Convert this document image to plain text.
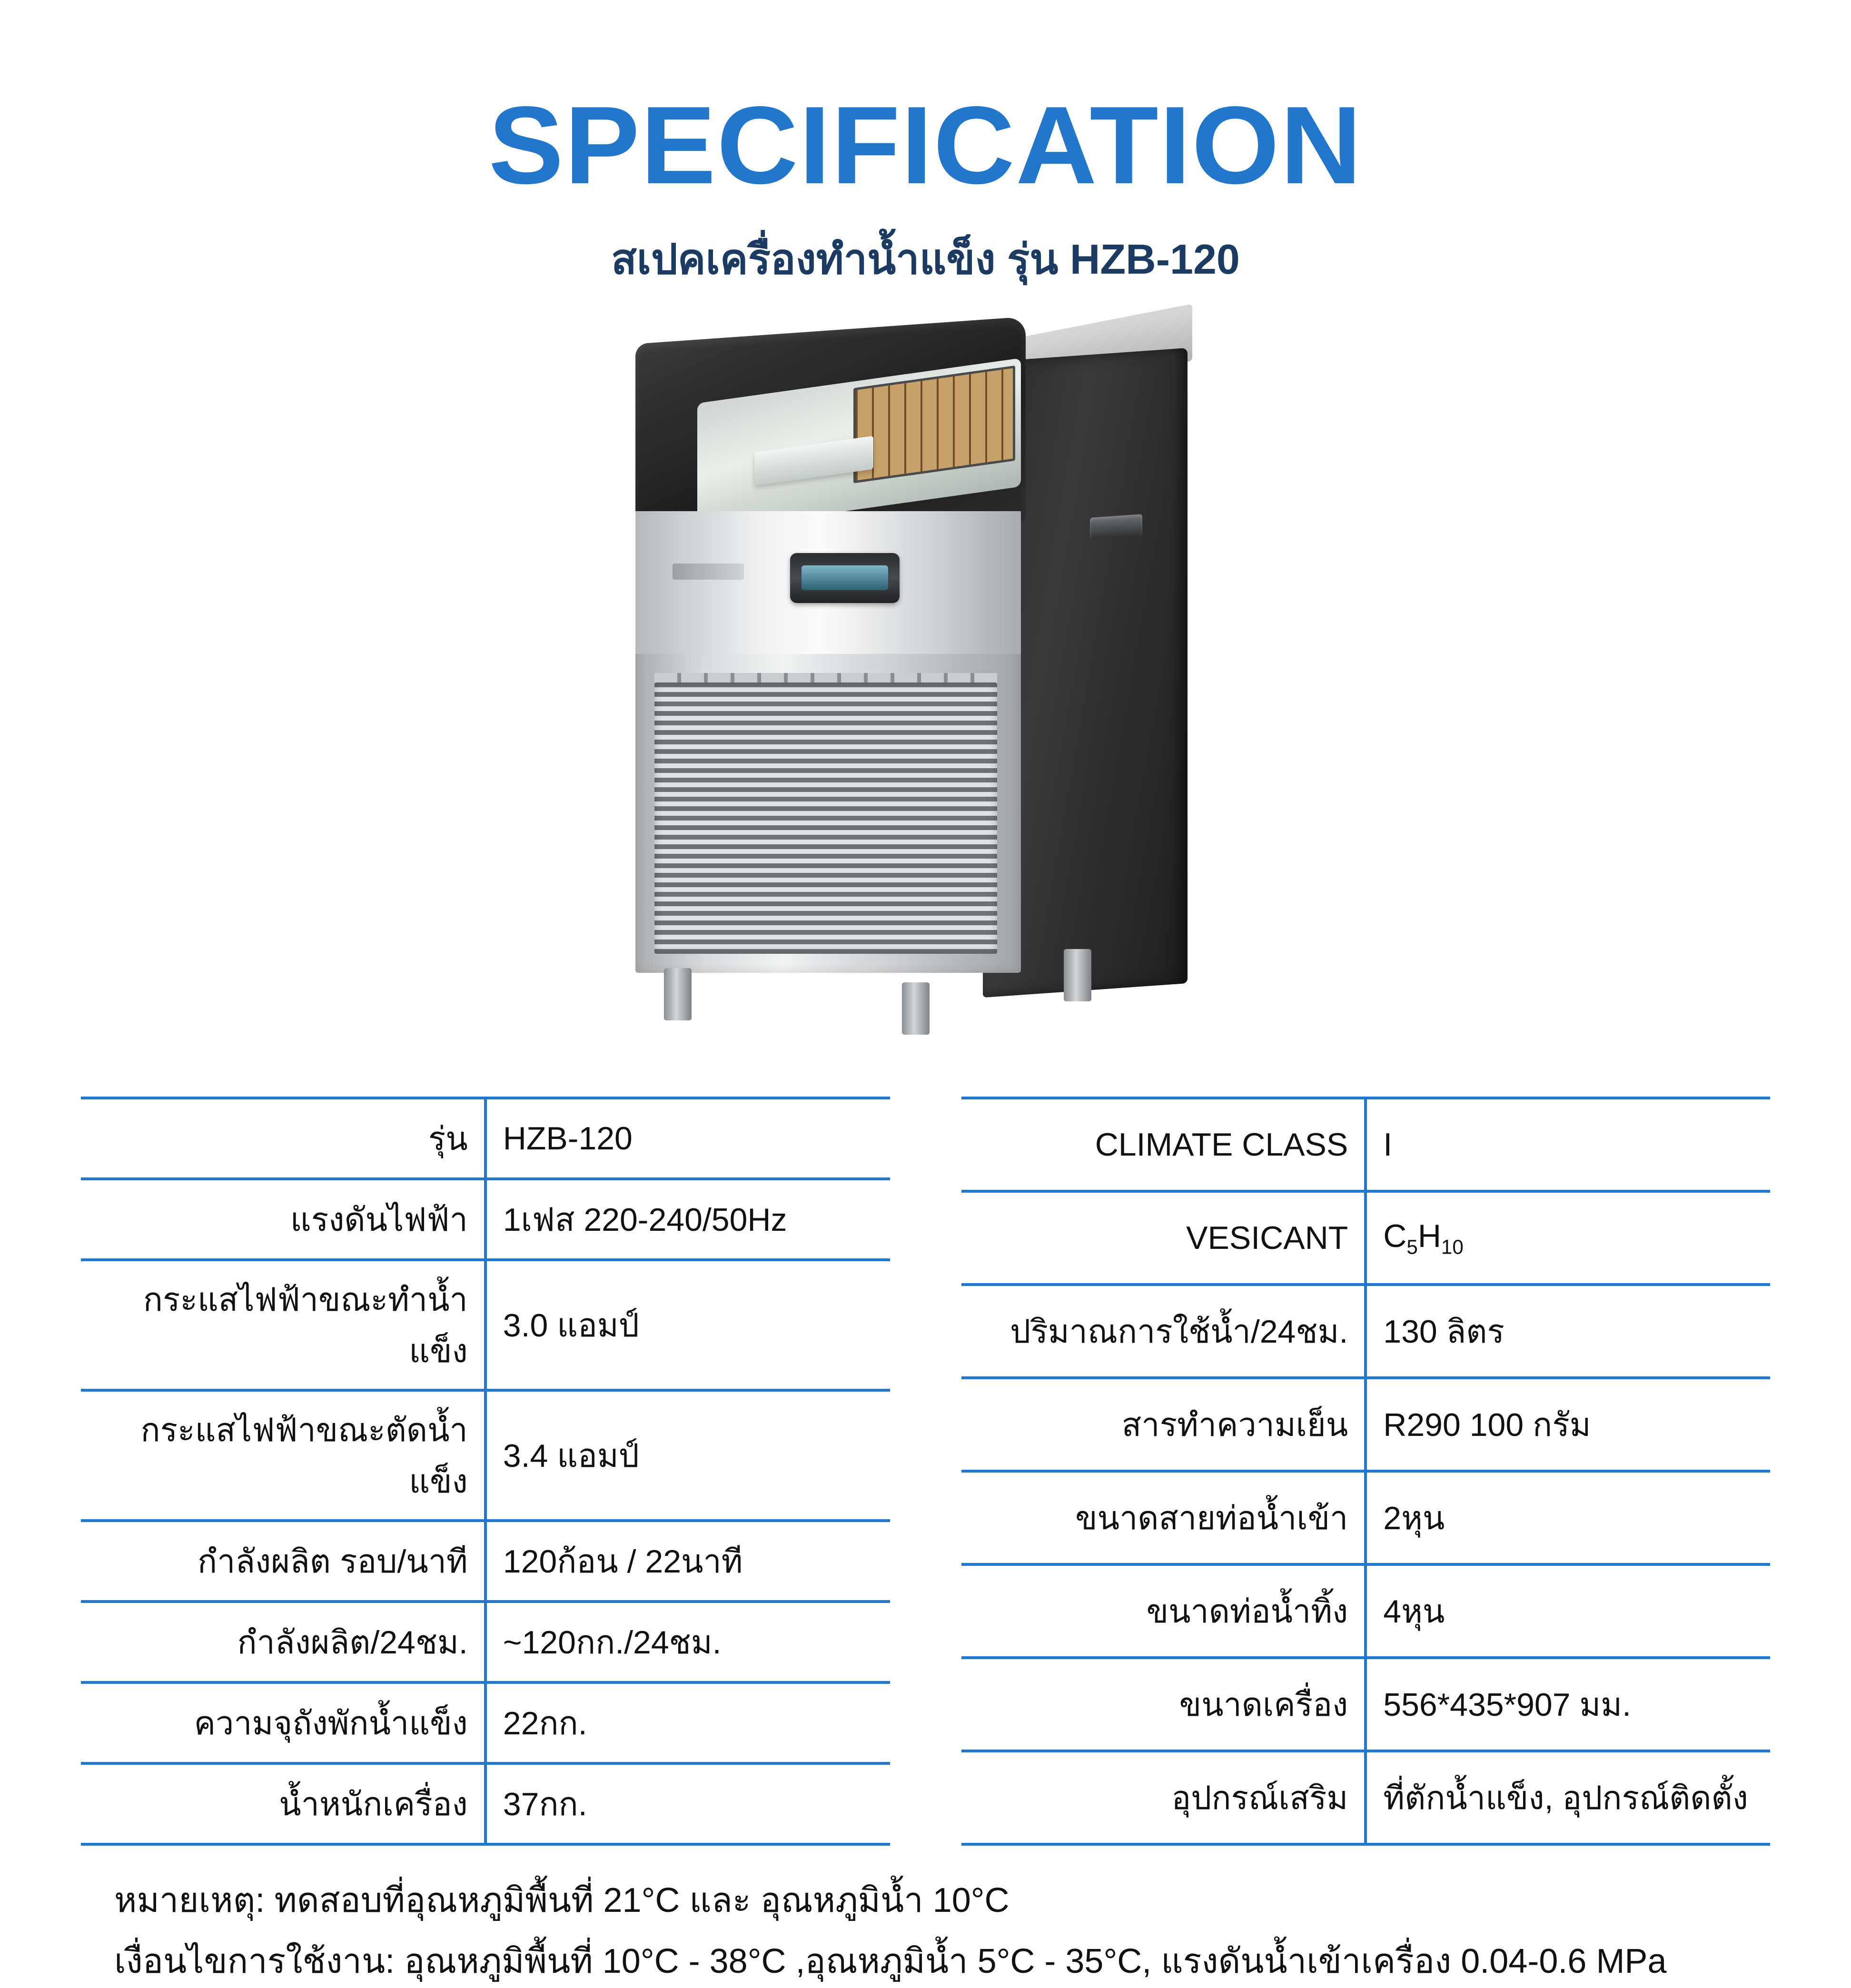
SPECIFICATION
สเปคเครื่องทำน้ำแข็ง รุ่น HZB-120
รุ่น	HZB-120
แรงดันไฟฟ้า	1เฟส 220-240/50Hz
กระแสไฟฟ้าขณะทำน้ำแข็ง	3.0 แอมป์
กระแสไฟฟ้าขณะตัดน้ำแข็ง	3.4 แอมป์
กำลังผลิต รอบ/นาที	120ก้อน / 22นาที
กำลังผลิต/24ชม.	~120กก./24ชม.
ความจุถังพักน้ำแข็ง	22กก.
น้ำหนักเครื่อง	37กก.
CLIMATE CLASS	I
VESICANT	$C_5H_{10}$
ปริมาณการใช้น้ำ/24ชม.	130 ลิตร
สารทำความเย็น	R290 100 กรัม
ขนาดสายท่อน้ำเข้า	2หุน
ขนาดท่อน้ำทิ้ง	4หุน
ขนาดเครื่อง	556*435*907 มม.
อุปกรณ์เสริม	ที่ตักน้ำแข็ง, อุปกรณ์ติดตั้ง

หมายเหตุ: ทดสอบที่อุณหภูมิพื้นที่ 21°C และ อุณหภูมิน้ำ 10°C

เงื่อนไขการใช้งาน: อุณหภูมิพื้นที่ 10°C - 38°C ,อุณหภูมิน้ำ 5°C - 35°C, แรงดันน้ำเข้าเครื่อง 0.04-0.6 MPa
